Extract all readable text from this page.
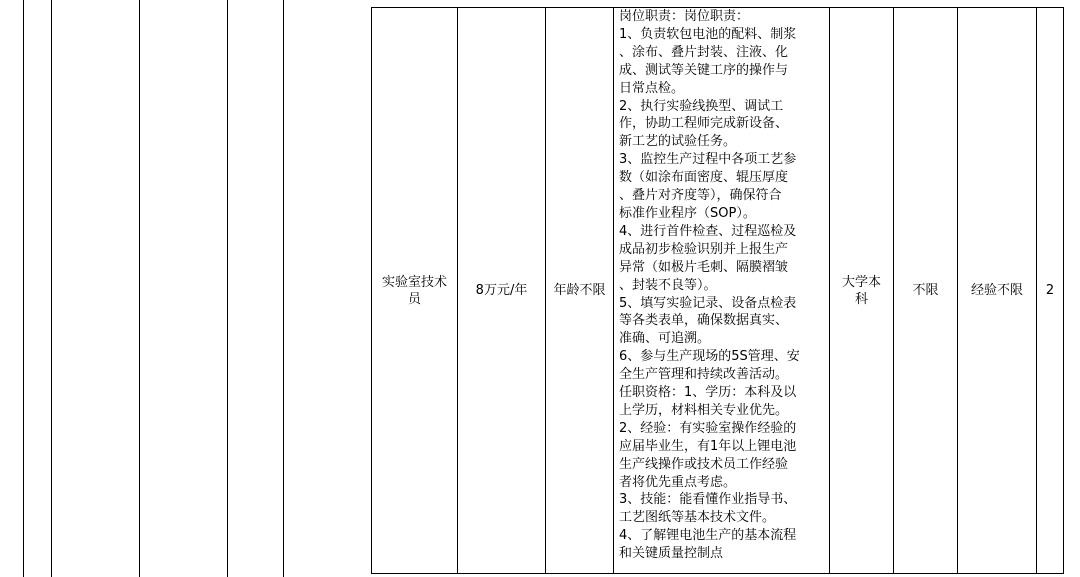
实验室技术员
8万元/年 年龄不限

岗位职责：岗位职责：

1、负责软包电池的配料、制浆

、涂布、叠片封装、注液、化

成、测试等关键工序的操作与

日常点检。

2、执行实验线换型、调试工

作，协助工程师完成新设备、

新工艺的试验任务。

3、监控生产过程中各项工艺参

数（如涂布面密度、辊压厚度

、叠片对齐度等），确保符合

标准作业程序（SOP）。

4、进行首件检查、过程巡检及

成品初步检验识别并上报生产

异常（如极片毛刺、隔膜褶皱

、封装不良等）。

5、填写实验记录、设备点检表

等各类表单，确保数据真实、

准确、可追溯。

6、参与生产现场的5S管理、安

全生产管理和持续改善活动。

任职资格：1、学历：本科及以

上学历，材料相关专业优先。

2、经验：有实验室操作经验的

应届毕业生，有1年以上锂电池

生产线操作或技术员工作经验

者将优先重点考虑。

3、技能：能看懂作业指导书、

工艺图纸等基本技术文件。

4、了解锂电池生产的基本流程

和关键质量控制点

大学本科
不限 经验不限 2
